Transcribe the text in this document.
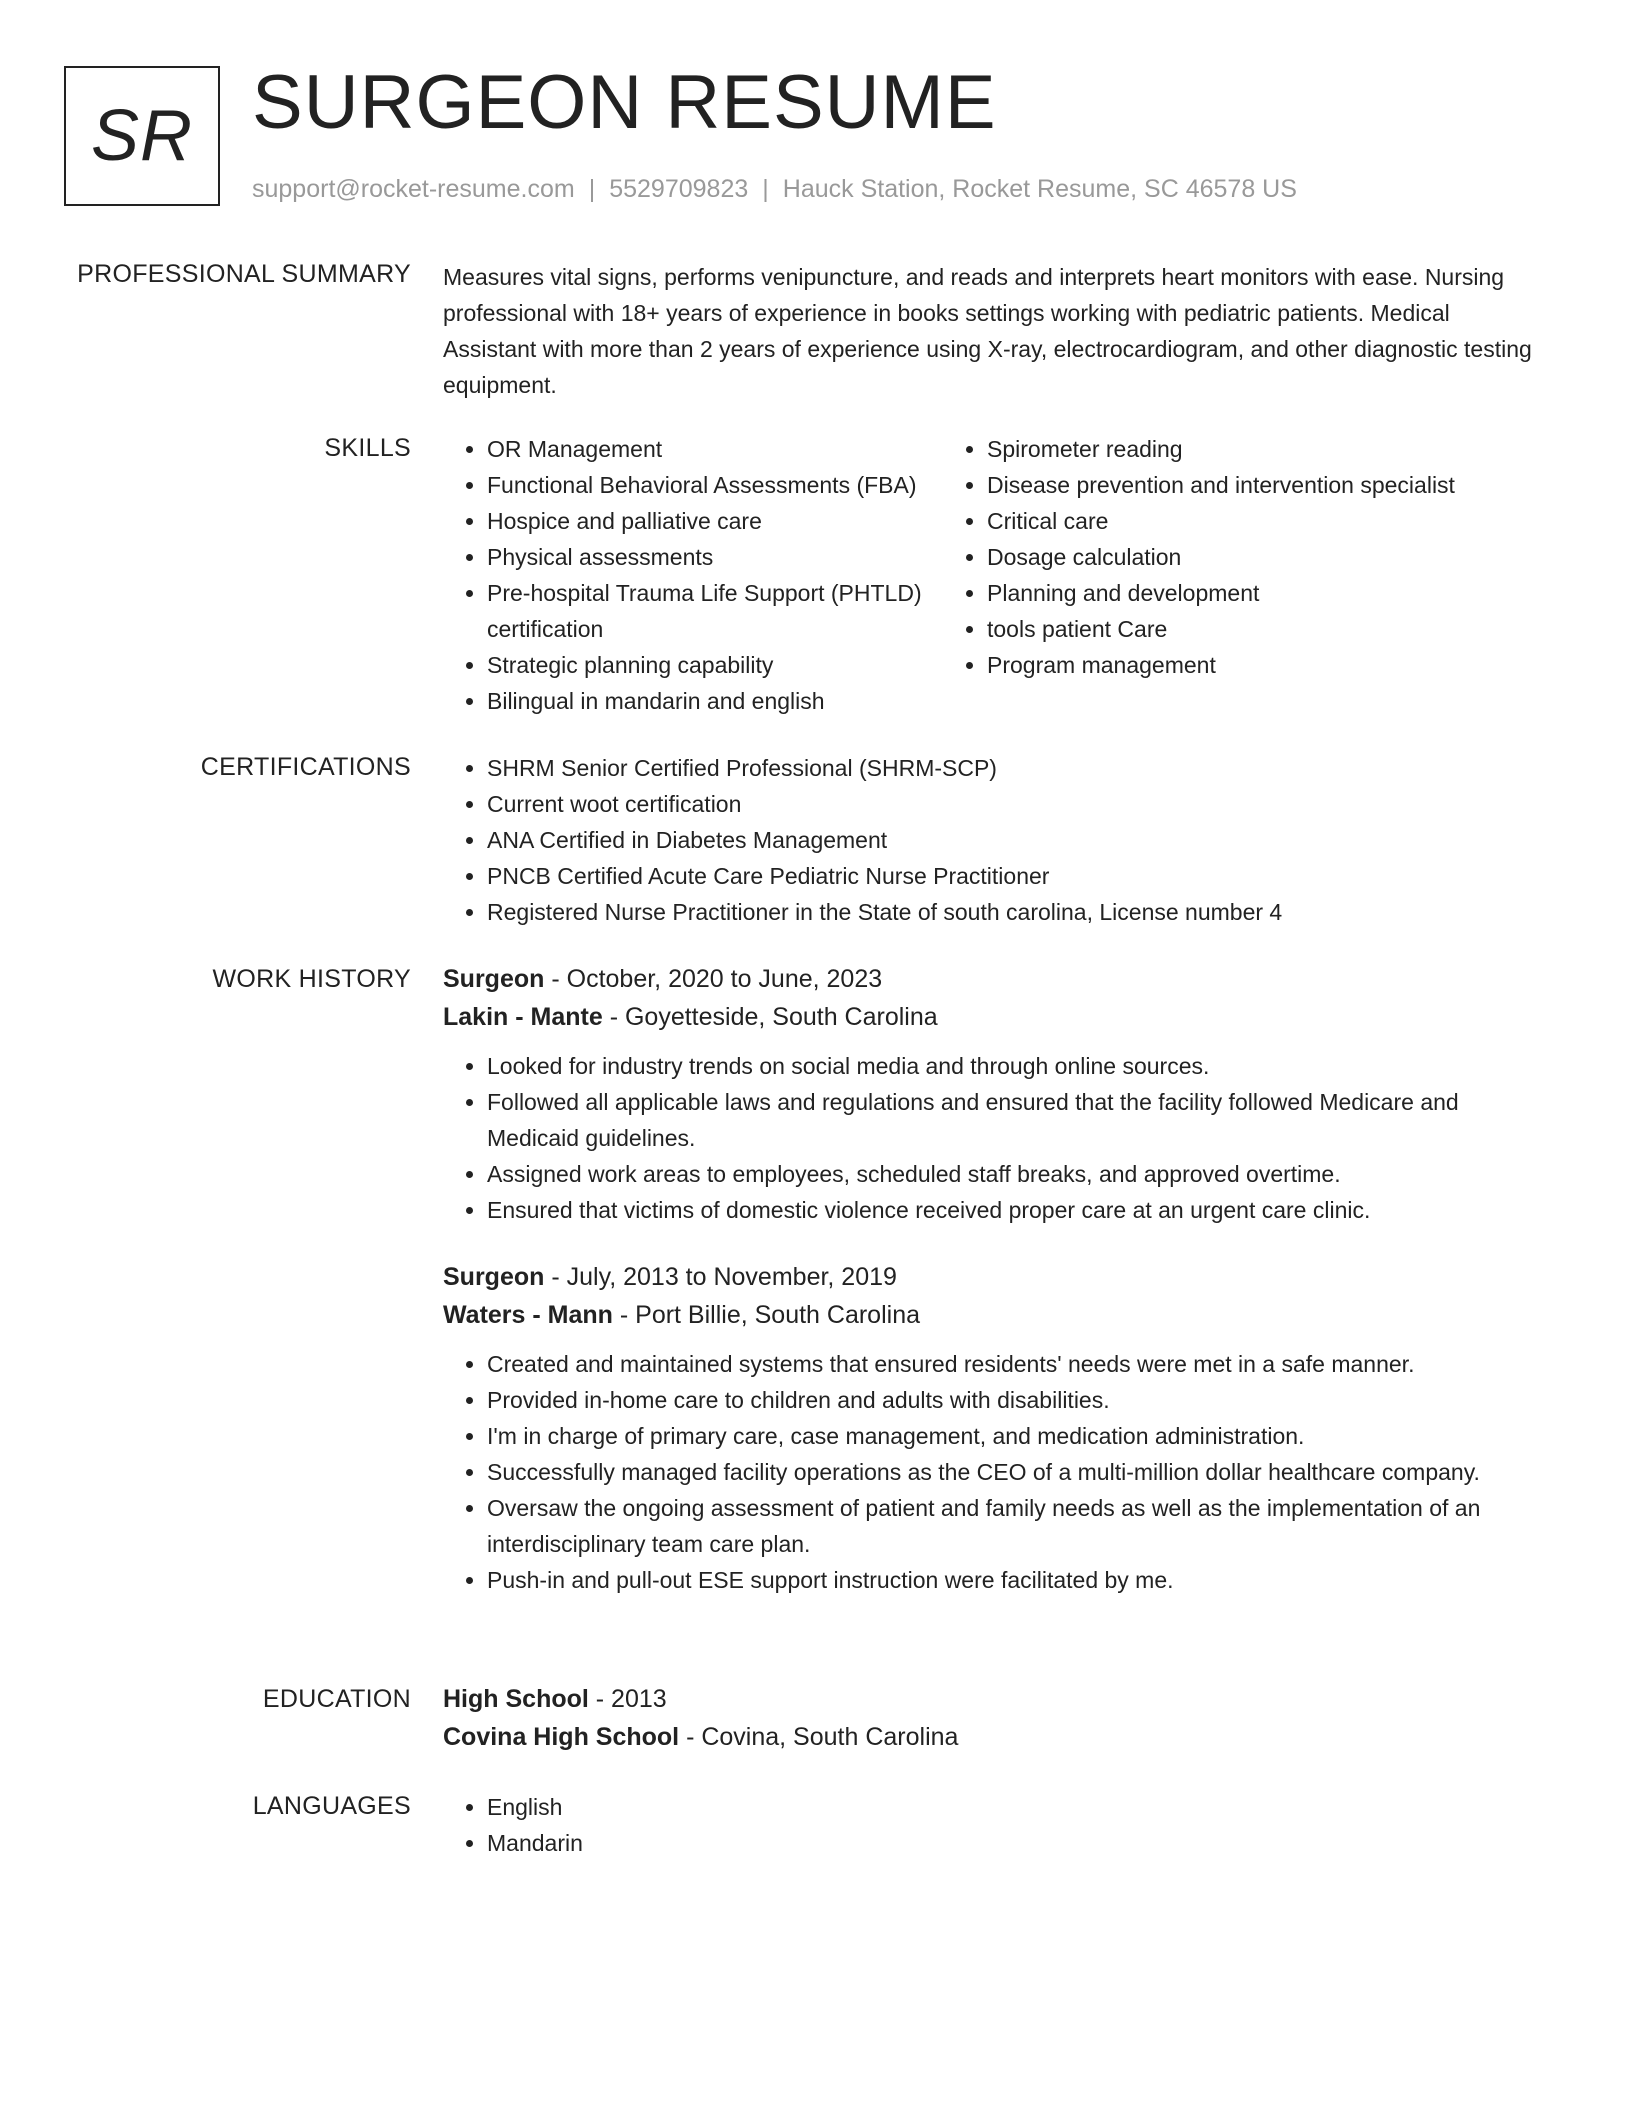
SR SURGEON RESUME
support@rocket-resume.com | 5529709823 | Hauck Station, Rocket Resume, SC 46578 US
PROFESSIONAL SUMMARY Measures vital signs, performs venipuncture, and reads and interprets heart monitors with ease. Nursing professional with 18+ years of experience in books settings working with pediatric patients. Medical Assistant with more than 2 years of experience using X-ray, electrocardiogram, and other diagnostic testing equipment.
SKILLS	• OR Management
• Functional Behavioral Assessments (FBA)
• Hospice and palliative care
• Physical assessments
• Pre-hospital Trauma Life Support (PHTLD) certification
• Strategic planning capability
• Bilingual in mandarin and english
• Spirometer reading
• Disease prevention and intervention specialist
• Critical care
• Dosage calculation
• Planning and development
• tools patient Care
• Program management
CERTIFICATIONS	• SHRM Senior Certified Professional (SHRM-SCP)
• Current woot certification
• ANA Certified in Diabetes Management
• PNCB Certified Acute Care Pediatric Nurse Practitioner
• Registered Nurse Practitioner in the State of south carolina, License number 4
WORK HISTORY Surgeon - October, 2020 to June, 2023
Lakin - Mante - Goyetteside, South Carolina
• Looked for industry trends on social media and through online sources.
• Followed all applicable laws and regulations and ensured that the facility followed Medicare and Medicaid guidelines.
• Assigned work areas to employees, scheduled staff breaks, and approved overtime.
• Ensured that victims of domestic violence received proper care at an urgent care clinic.
Surgeon - July, 2013 to November, 2019
Waters - Mann - Port Billie, South Carolina
• Created and maintained systems that ensured residents' needs were met in a safe manner.
• Provided in-home care to children and adults with disabilities.
• I'm in charge of primary care, case management, and medication administration.
• Successfully managed facility operations as the CEO of a multi-million dollar healthcare company.
• Oversaw the ongoing assessment of patient and family needs as well as the implementation of an interdisciplinary team care plan.
• Push-in and pull-out ESE support instruction were facilitated by me.
EDUCATION High School - 2013
Covina High School - Covina, South Carolina
LANGUAGES	• English
• Mandarin
